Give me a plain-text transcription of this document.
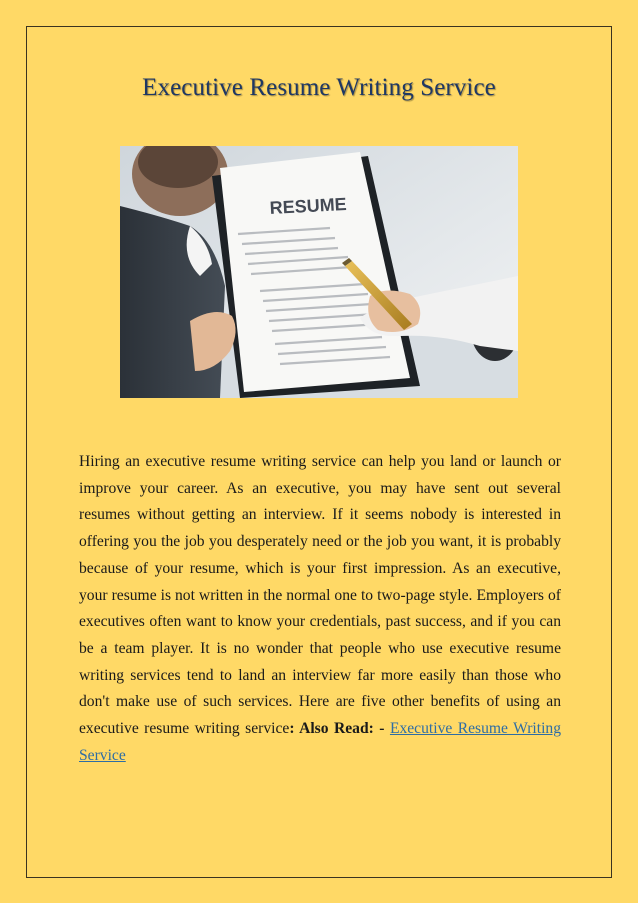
Executive Resume Writing Service
RESUME

Hiring an executive resume writing service can help you land or launch or improve your career. As an executive, you may have sent out several resumes without getting an interview. If it seems nobody is interested in offering you the job you desperately need or the job you want, it is probably because of your resume, which is your first impression. As an executive, your resume is not written in the normal one to two-page style. Employers of executives often want to know your credentials, past success, and if you can be a team player. It is no wonder that people who use executive resume writing services tend to land an interview far more easily than those who don't make use of such services. Here are five other benefits of using an executive resume writing service: Also Read: - Executive Resume Writing Service
